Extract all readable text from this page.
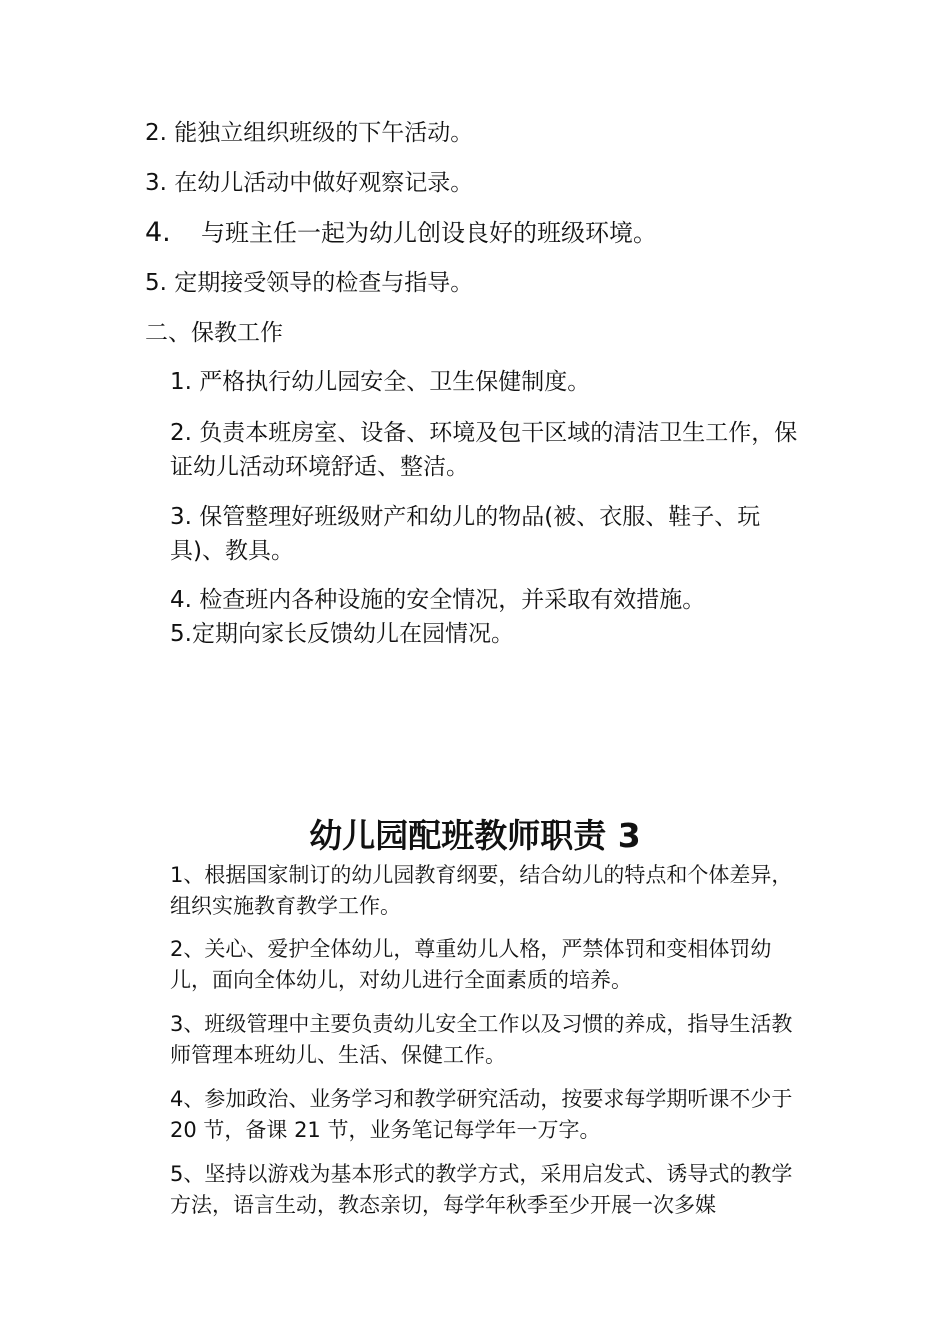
2. 能独立组织班级的下午活动。
3. 在幼儿活动中做好观察记录。
4. 与班主任一起为幼儿创设良好的班级环境。
5. 定期接受领导的检查与指导。
二、保教工作
1. 严格执行幼儿园安全、卫生保健制度。
2. 负责本班房室、设备、环境及包干区域的清洁卫生工作，保证幼儿活动环境舒适、整洁。
3. 保管整理好班级财产和幼儿的物品(被、衣服、鞋子、玩具)、教具。
4. 检查班内各种设施的安全情况，并采取有效措施。
5.定期向家长反馈幼儿在园情况。
幼儿园配班教师职责 3
1、根据国家制订的幼儿园教育纲要，结合幼儿的特点和个体差异，组织实施教育教学工作。
2、关心、爱护全体幼儿，尊重幼儿人格，严禁体罚和变相体罚幼儿，面向全体幼儿，对幼儿进行全面素质的培养。
3、班级管理中主要负责幼儿安全工作以及习惯的养成，指导生活教师管理本班幼儿、生活、保健工作。
4、参加政治、业务学习和教学研究活动，按要求每学期听课不少于 20 节，备课 21 节，业务笔记每学年一万字。
5、坚持以游戏为基本形式的教学方式，采用启发式、诱导式的教学方法，语言生动，教态亲切，每学年秋季至少开展一次多媒
